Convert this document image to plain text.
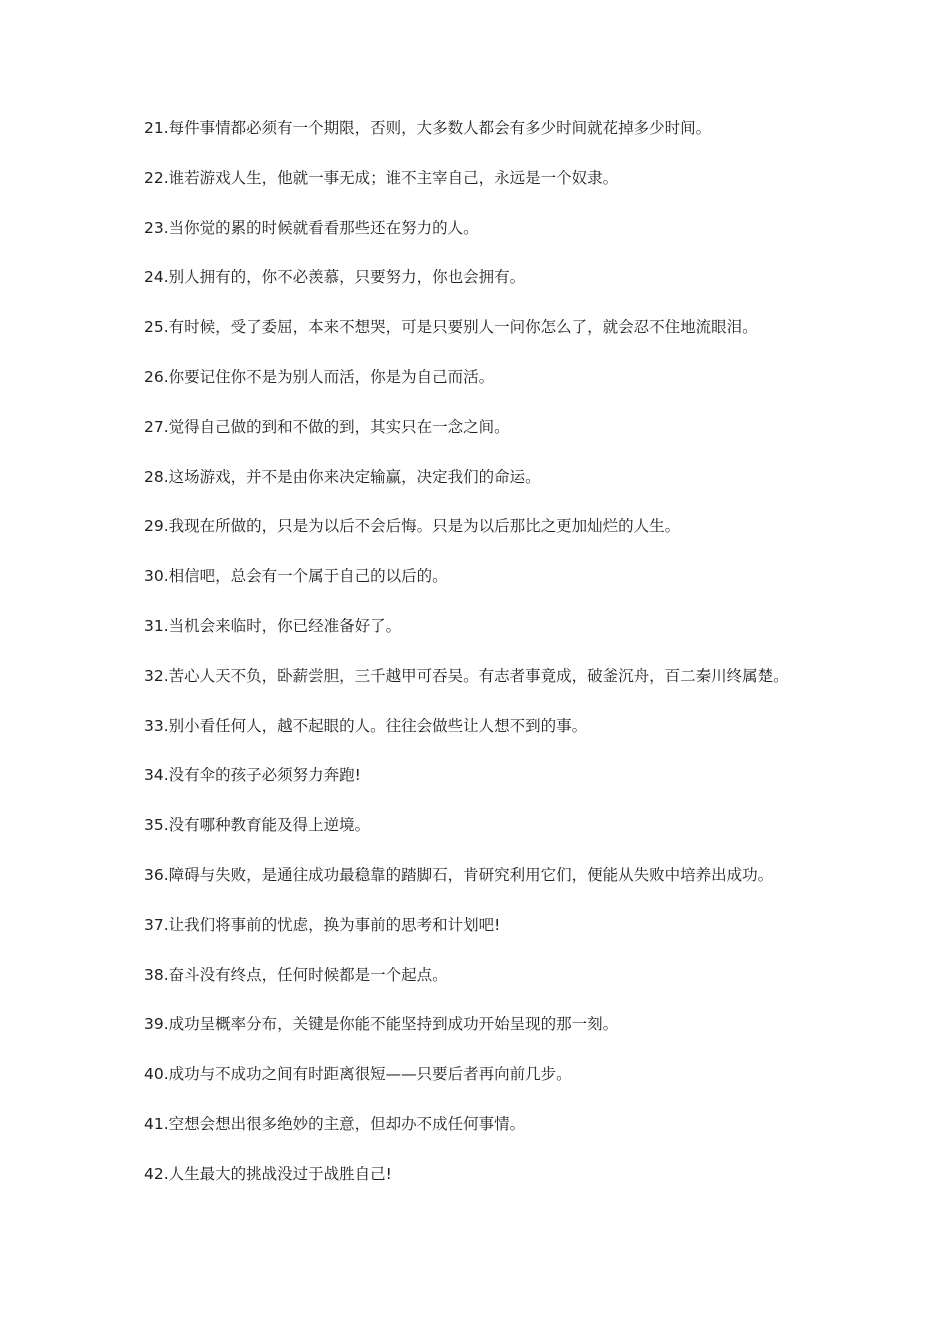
21.每件事情都必须有一个期限，否则，大多数人都会有多少时间就花掉多少时间。

22.谁若游戏人生，他就一事无成；谁不主宰自己，永远是一个奴隶。

23.当你觉的累的时候就看看那些还在努力的人。

24.别人拥有的，你不必羡慕，只要努力，你也会拥有。

25.有时候，受了委屈，本来不想哭，可是只要别人一问你怎么了，就会忍不住地流眼泪。

26.你要记住你不是为别人而活，你是为自己而活。

27.觉得自己做的到和不做的到，其实只在一念之间。

28.这场游戏，并不是由你来决定输赢，决定我们的命运。

29.我现在所做的，只是为以后不会后悔。只是为以后那比之更加灿烂的人生。

30.相信吧，总会有一个属于自己的以后的。

31.当机会来临时，你已经准备好了。

32.苦心人天不负，卧薪尝胆，三千越甲可吞吴。有志者事竟成，破釜沉舟，百二秦川终属楚。

33.别小看任何人，越不起眼的人。往往会做些让人想不到的事。

34.没有伞的孩子必须努力奔跑!

35.没有哪种教育能及得上逆境。

36.障碍与失败，是通往成功最稳靠的踏脚石，肯研究利用它们，便能从失败中培养出成功。

37.让我们将事前的忧虑，换为事前的思考和计划吧!

38.奋斗没有终点，任何时候都是一个起点。

39.成功呈概率分布，关键是你能不能坚持到成功开始呈现的那一刻。

40.成功与不成功之间有时距离很短——只要后者再向前几步。

41.空想会想出很多绝妙的主意，但却办不成任何事情。

42.人生最大的挑战没过于战胜自己!
